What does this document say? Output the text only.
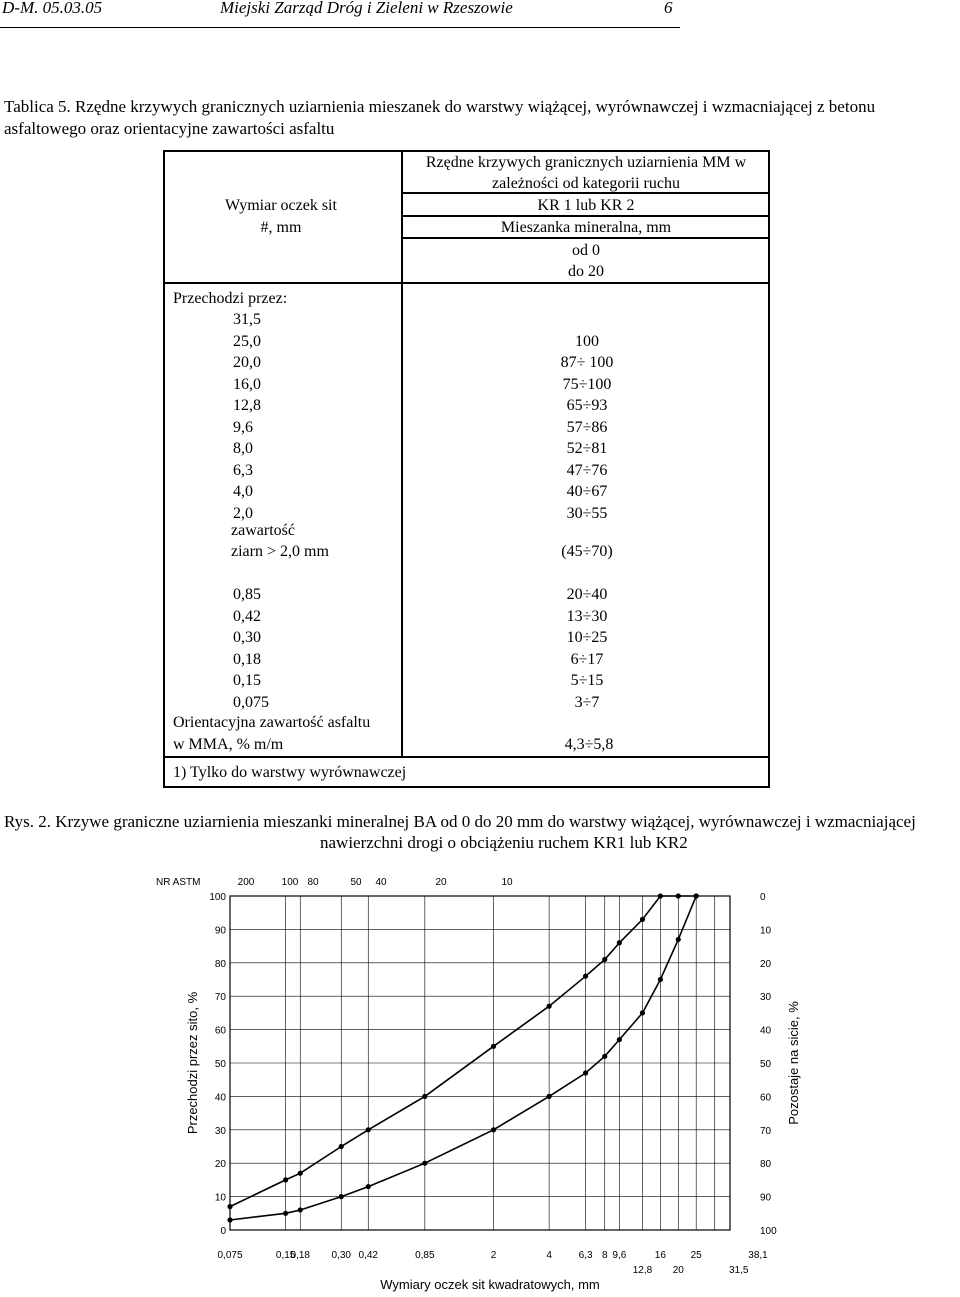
D-M. 05.03.05	Miejski Zarząd Dróg i Zieleni w Rzeszowie	6
Tablica 5. Rzędne krzywych granicznych uziarnienia mieszanek do warstwy wiążącej, wyrównawczej i wzmacniającej z betonu
asfaltowego oraz orientacyjne zawartości asfaltu
Rzędne krzywych granicznych uziarnienia MM w
zależności od kategorii ruchu
KR 1 lub KR 2
Mieszanka mineralna, mm
od 0
do 20
Wymiar oczek sit
#, mm
Przechodzi przez:
31,5
25,0	100
20,0	87÷ 100
16,0	75÷100
12,8	65÷93
9,6	57÷86
8,0	52÷81
6,3	47÷76
4,0	40÷67
2,0	30÷55
zawartość
ziarn > 2,0 mm	(45÷70)
0,85	20÷40
0,42	13÷30
0,30	10÷25
0,18	6÷17
0,15	5÷15
0,075	3÷7
Orientacyjna zawartość asfaltu
w MMA, % m/m	4,3÷5,8
1) Tylko do warstwy wyrównawczej
Rys. 2. Krzywe graniczne uziarnienia mieszanki mineralnej BA od 0 do 20 mm do warstwy wiążącej, wyrównawczej i wzmacniającej
nawierzchni drogi o obciążeniu ruchem KR1 lub KR2
0
10
20
30
40
50
60
70
80
90
100
100
90
80
70
60
50
40
30
20
10
0
0,075	0,15
0,18 0,30 0,42	0,85	2	4	6,3 8 9,6	16 25	38,1
12,8 20	31,5
NR ASTM	200	100 80	50 40	20	10
Przechodzi przez sito, %	Pozostaje na sicie, %
Wymiary oczek sit kwadratowych, mm
